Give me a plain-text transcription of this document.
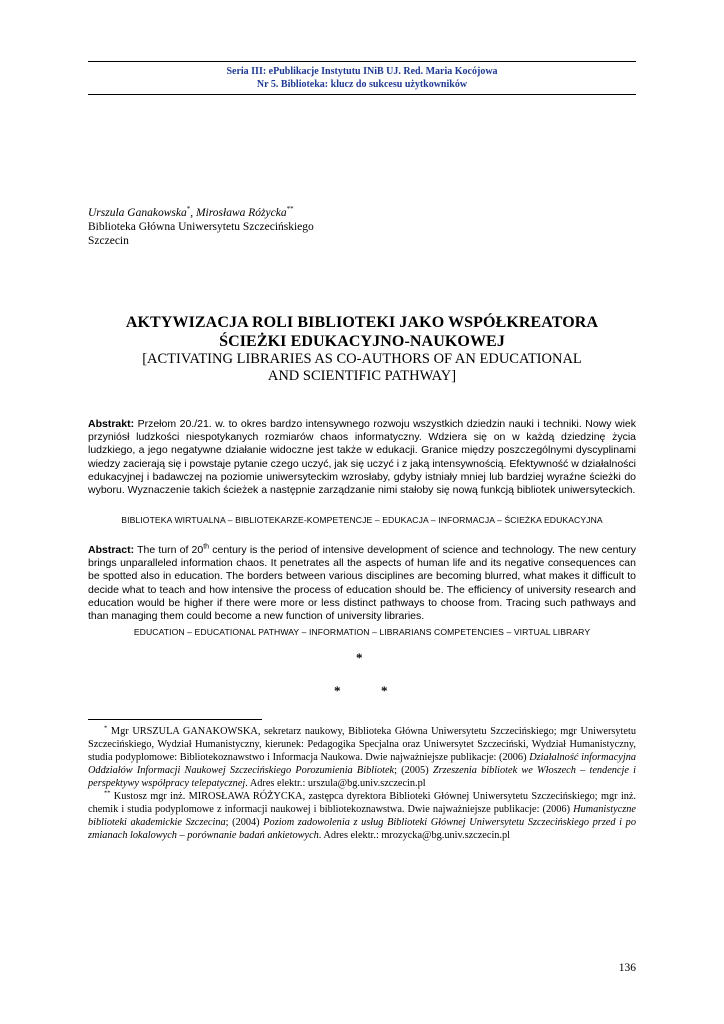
Seria III: ePublikacje Instytutu INiB UJ. Red. Maria Kocójowa
Nr 5. Biblioteka: klucz do sukcesu użytkowników
Urszula Ganakowska*, Mirosława Różycka**
Biblioteka Główna Uniwersytetu Szczecińskiego
Szczecin
AKTYWIZACJA ROLI BIBLIOTEKI JAKO WSPÓŁKREATORA
ŚCIEŻKI EDUKACYJNO-NAUKOWEJ
[ACTIVATING LIBRARIES AS CO-AUTHORS OF AN EDUCATIONAL
AND SCIENTIFIC PATHWAY]
Abstrakt: Przełom 20./21. w. to okres bardzo intensywnego rozwoju wszystkich dziedzin nauki i techniki. Nowy wiek przyniósł ludzkości niespotykanych rozmiarów chaos informatyczny. Wdziera się on w każdą dziedzinę życia ludzkiego, a jego negatywne działanie widoczne jest także w edukacji. Granice między poszczególnymi dyscyplinami wiedzy zacierają się i powstaje pytanie czego uczyć, jak się uczyć i z jaką intensywnością. Efektywność w działalności edukacyjnej i badawczej na poziomie uniwersyteckim wzrosłaby, gdyby istniały mniej lub bardziej wyraźne ścieżki do wyboru. Wyznaczenie takich ścieżek a następnie zarządzanie nimi stałoby się nową funkcją bibliotek uniwersyteckich.
BIBLIOTEKA WIRTUALNA – BIBLIOTEKARZE-KOMPETENCJE – EDUKACJA – INFORMACJA – ŚCIEŻKA EDUKACYJNA
Abstract: The turn of 20th century is the period of intensive development of science and technology. The new century brings unparalleled information chaos. It penetrates all the aspects of human life and its negative consequences can be spotted also in education. The borders between various disciplines are becoming blurred, what makes it difficult to decide what to teach and how intensive the process of education should be. The efficiency of university research and education would be higher if there were more or less distinct pathways to choose from. Tracing such pathways and than managing them could become a new function of university libraries.
EDUCATION – EDUCATIONAL PATHWAY – INFORMATION – LIBRARIANS COMPETENCIES – VIRTUAL LIBRARY
*
*	*

* Mgr URSZULA GANAKOWSKA, sekretarz naukowy, Biblioteka Główna Uniwersytetu Szczecińskiego; mgr Uniwersytetu Szczecińskiego, Wydział Humanistyczny, kierunek: Pedagogika Specjalna oraz Uniwersytet Szczeciński, Wydział Humanistyczny, studia podyplomowe: Bibliotekoznawstwo i Informacja Naukowa. Dwie najważniejsze publikacje: (2006) Działalność informacyjna Oddziałów Informacji Naukowej Szczecińskiego Porozumienia Bibliotek; (2005) Zrzeszenia bibliotek we Włoszech – tendencje i perspektywy współpracy telepatycznej. Adres elektr.: urszula@bg.univ.szczecin.pl

** Kustosz mgr inż. MIROSŁAWA RÓŻYCKA, zastępca dyrektora Biblioteki Głównej Uniwersytetu Szczecińskiego; mgr inż. chemik i studia podyplomowe z informacji naukowej i bibliotekoznawstwa. Dwie najważniejsze publikacje: (2006) Humanistyczne biblioteki akademickie Szczecina; (2004) Poziom zadowolenia z usług Biblioteki Głównej Uniwersytetu Szczecińskiego przed i po zmianach lokalowych – porównanie badań ankietowych. Adres elektr.: mrozycka@bg.univ.szczecin.pl

136
